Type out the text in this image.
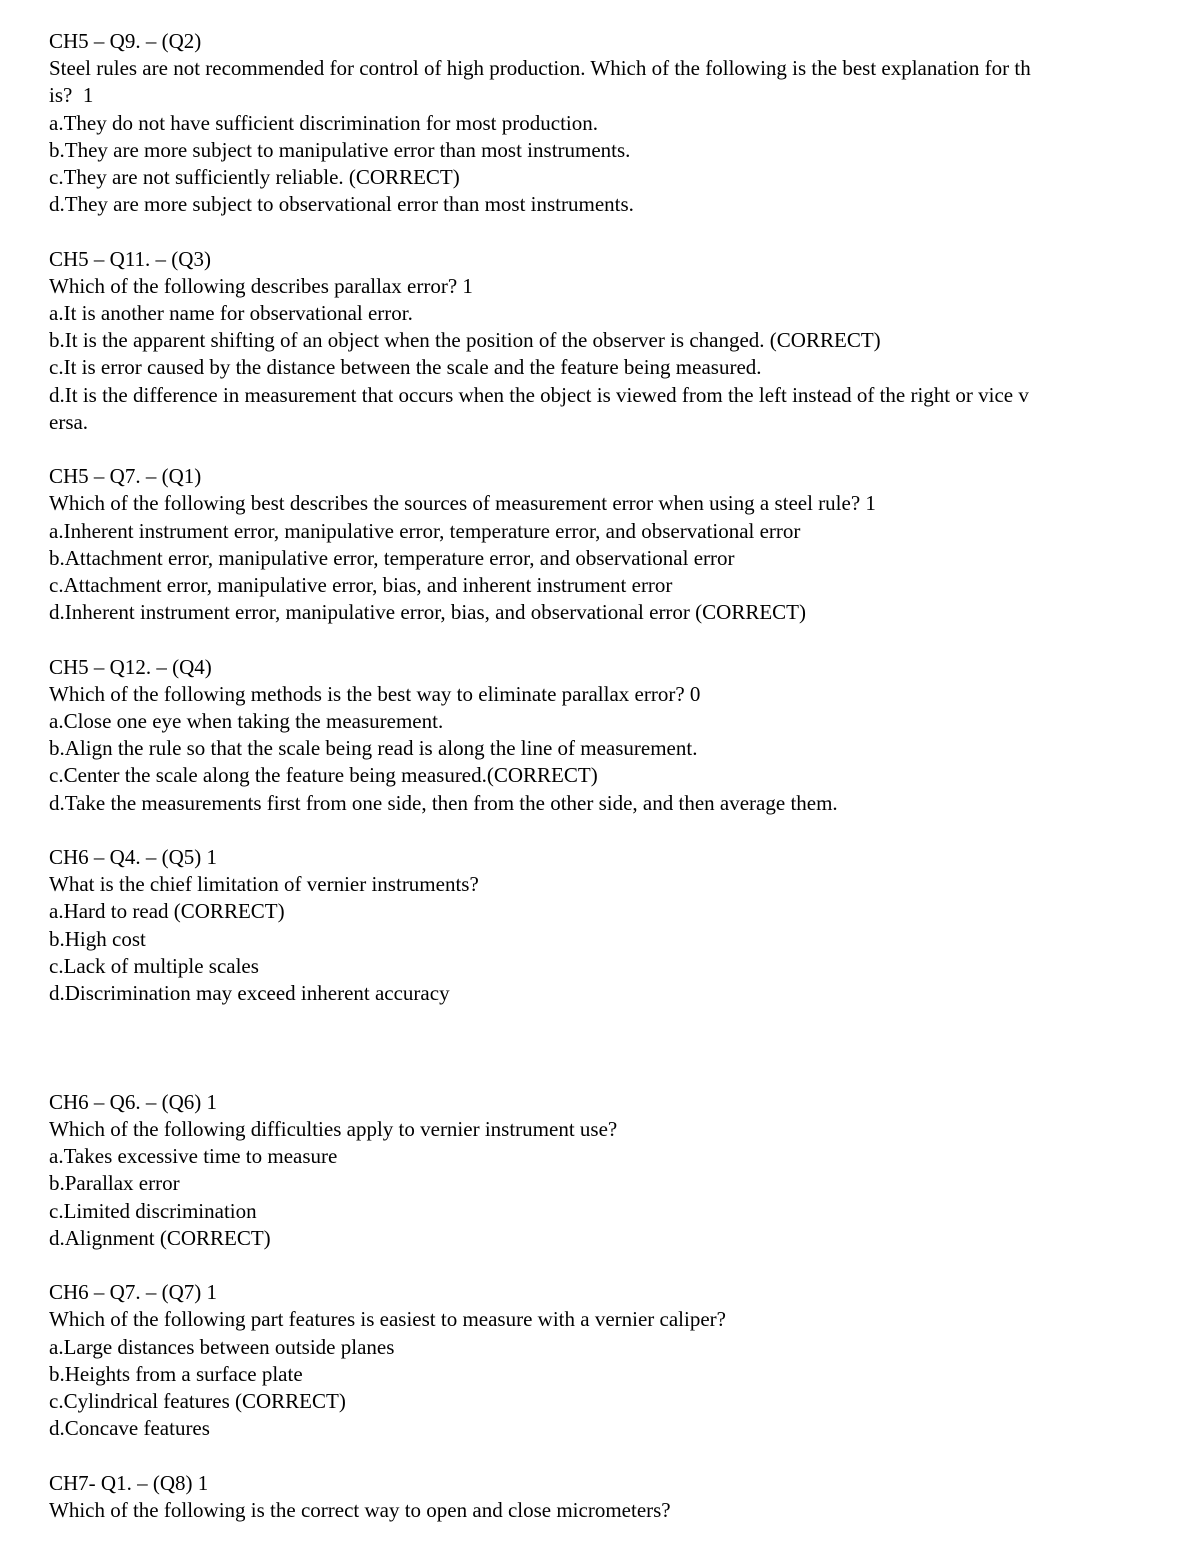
CH5 – Q9. – (Q2)
Steel rules are not recommended for control of high production. Which of the following is the best explanation for th
is?  1
a.They do not have sufficient discrimination for most production.
b.They are more subject to manipulative error than most instruments.
c.They are not sufficiently reliable. (CORRECT)
d.They are more subject to observational error than most instruments.
CH5 – Q11. – (Q3)
Which of the following describes parallax error? 1
a.It is another name for observational error.
b.It is the apparent shifting of an object when the position of the observer is changed. (CORRECT)
c.It is error caused by the distance between the scale and the feature being measured.
d.It is the difference in measurement that occurs when the object is viewed from the left instead of the right or vice v
ersa.
CH5 – Q7. – (Q1)
Which of the following best describes the sources of measurement error when using a steel rule? 1
a.Inherent instrument error, manipulative error, temperature error, and observational error
b.Attachment error, manipulative error, temperature error, and observational error
c.Attachment error, manipulative error, bias, and inherent instrument error
d.Inherent instrument error, manipulative error, bias, and observational error (CORRECT)
CH5 – Q12. – (Q4)
Which of the following methods is the best way to eliminate parallax error? 0
a.Close one eye when taking the measurement.
b.Align the rule so that the scale being read is along the line of measurement.
c.Center the scale along the feature being measured.(CORRECT)
d.Take the measurements first from one side, then from the other side, and then average them.
CH6 – Q4. – (Q5) 1
What is the chief limitation of vernier instruments?
a.Hard to read (CORRECT)
b.High cost
c.Lack of multiple scales
d.Discrimination may exceed inherent accuracy
CH6 – Q6. – (Q6) 1
Which of the following difficulties apply to vernier instrument use?
a.Takes excessive time to measure
b.Parallax error
c.Limited discrimination
d.Alignment (CORRECT)
CH6 – Q7. – (Q7) 1
Which of the following part features is easiest to measure with a vernier caliper?
a.Large distances between outside planes
b.Heights from a surface plate
c.Cylindrical features (CORRECT)
d.Concave features
CH7- Q1. – (Q8) 1
Which of the following is the correct way to open and close micrometers?
